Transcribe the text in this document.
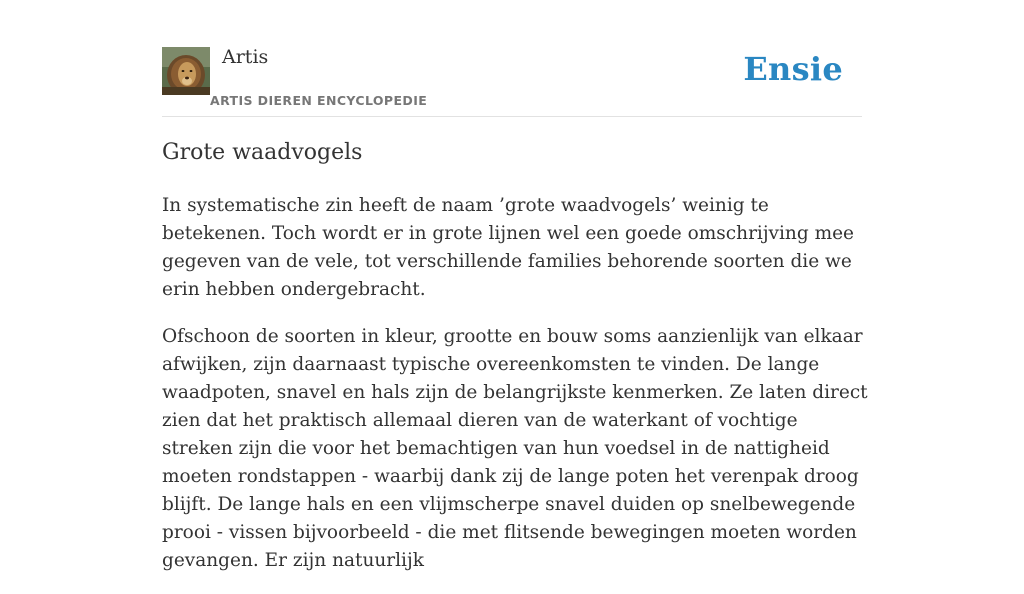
Artis
ARTIS DIEREN ENCYCLOPEDIE
Ensie
Grote waadvogels

In systematische zin heeft de naam ’grote waadvogels’ weinig te betekenen. Toch wordt er in grote lijnen wel een goede omschrijving mee gegeven van de vele, tot verschillende families behorende soorten die we erin hebben ondergebracht.

Ofschoon de soorten in kleur, grootte en bouw soms aanzienlijk van elkaar afwijken, zijn daarnaast typische overeenkomsten te vinden. De lange waadpoten, snavel en hals zijn de belangrijkste kenmerken. Ze laten direct zien dat het praktisch allemaal dieren van de waterkant of vochtige streken zijn die voor het bemachtigen van hun voedsel in de nattigheid moeten rondstappen - waarbij dank zij de lange poten het verenpak droog blijft. De lange hals en een vlijmscherpe snavel duiden op snelbewegende prooi - vissen bijvoorbeeld - die met flitsende bewegingen moeten worden gevangen. Er zijn natuurlijk
